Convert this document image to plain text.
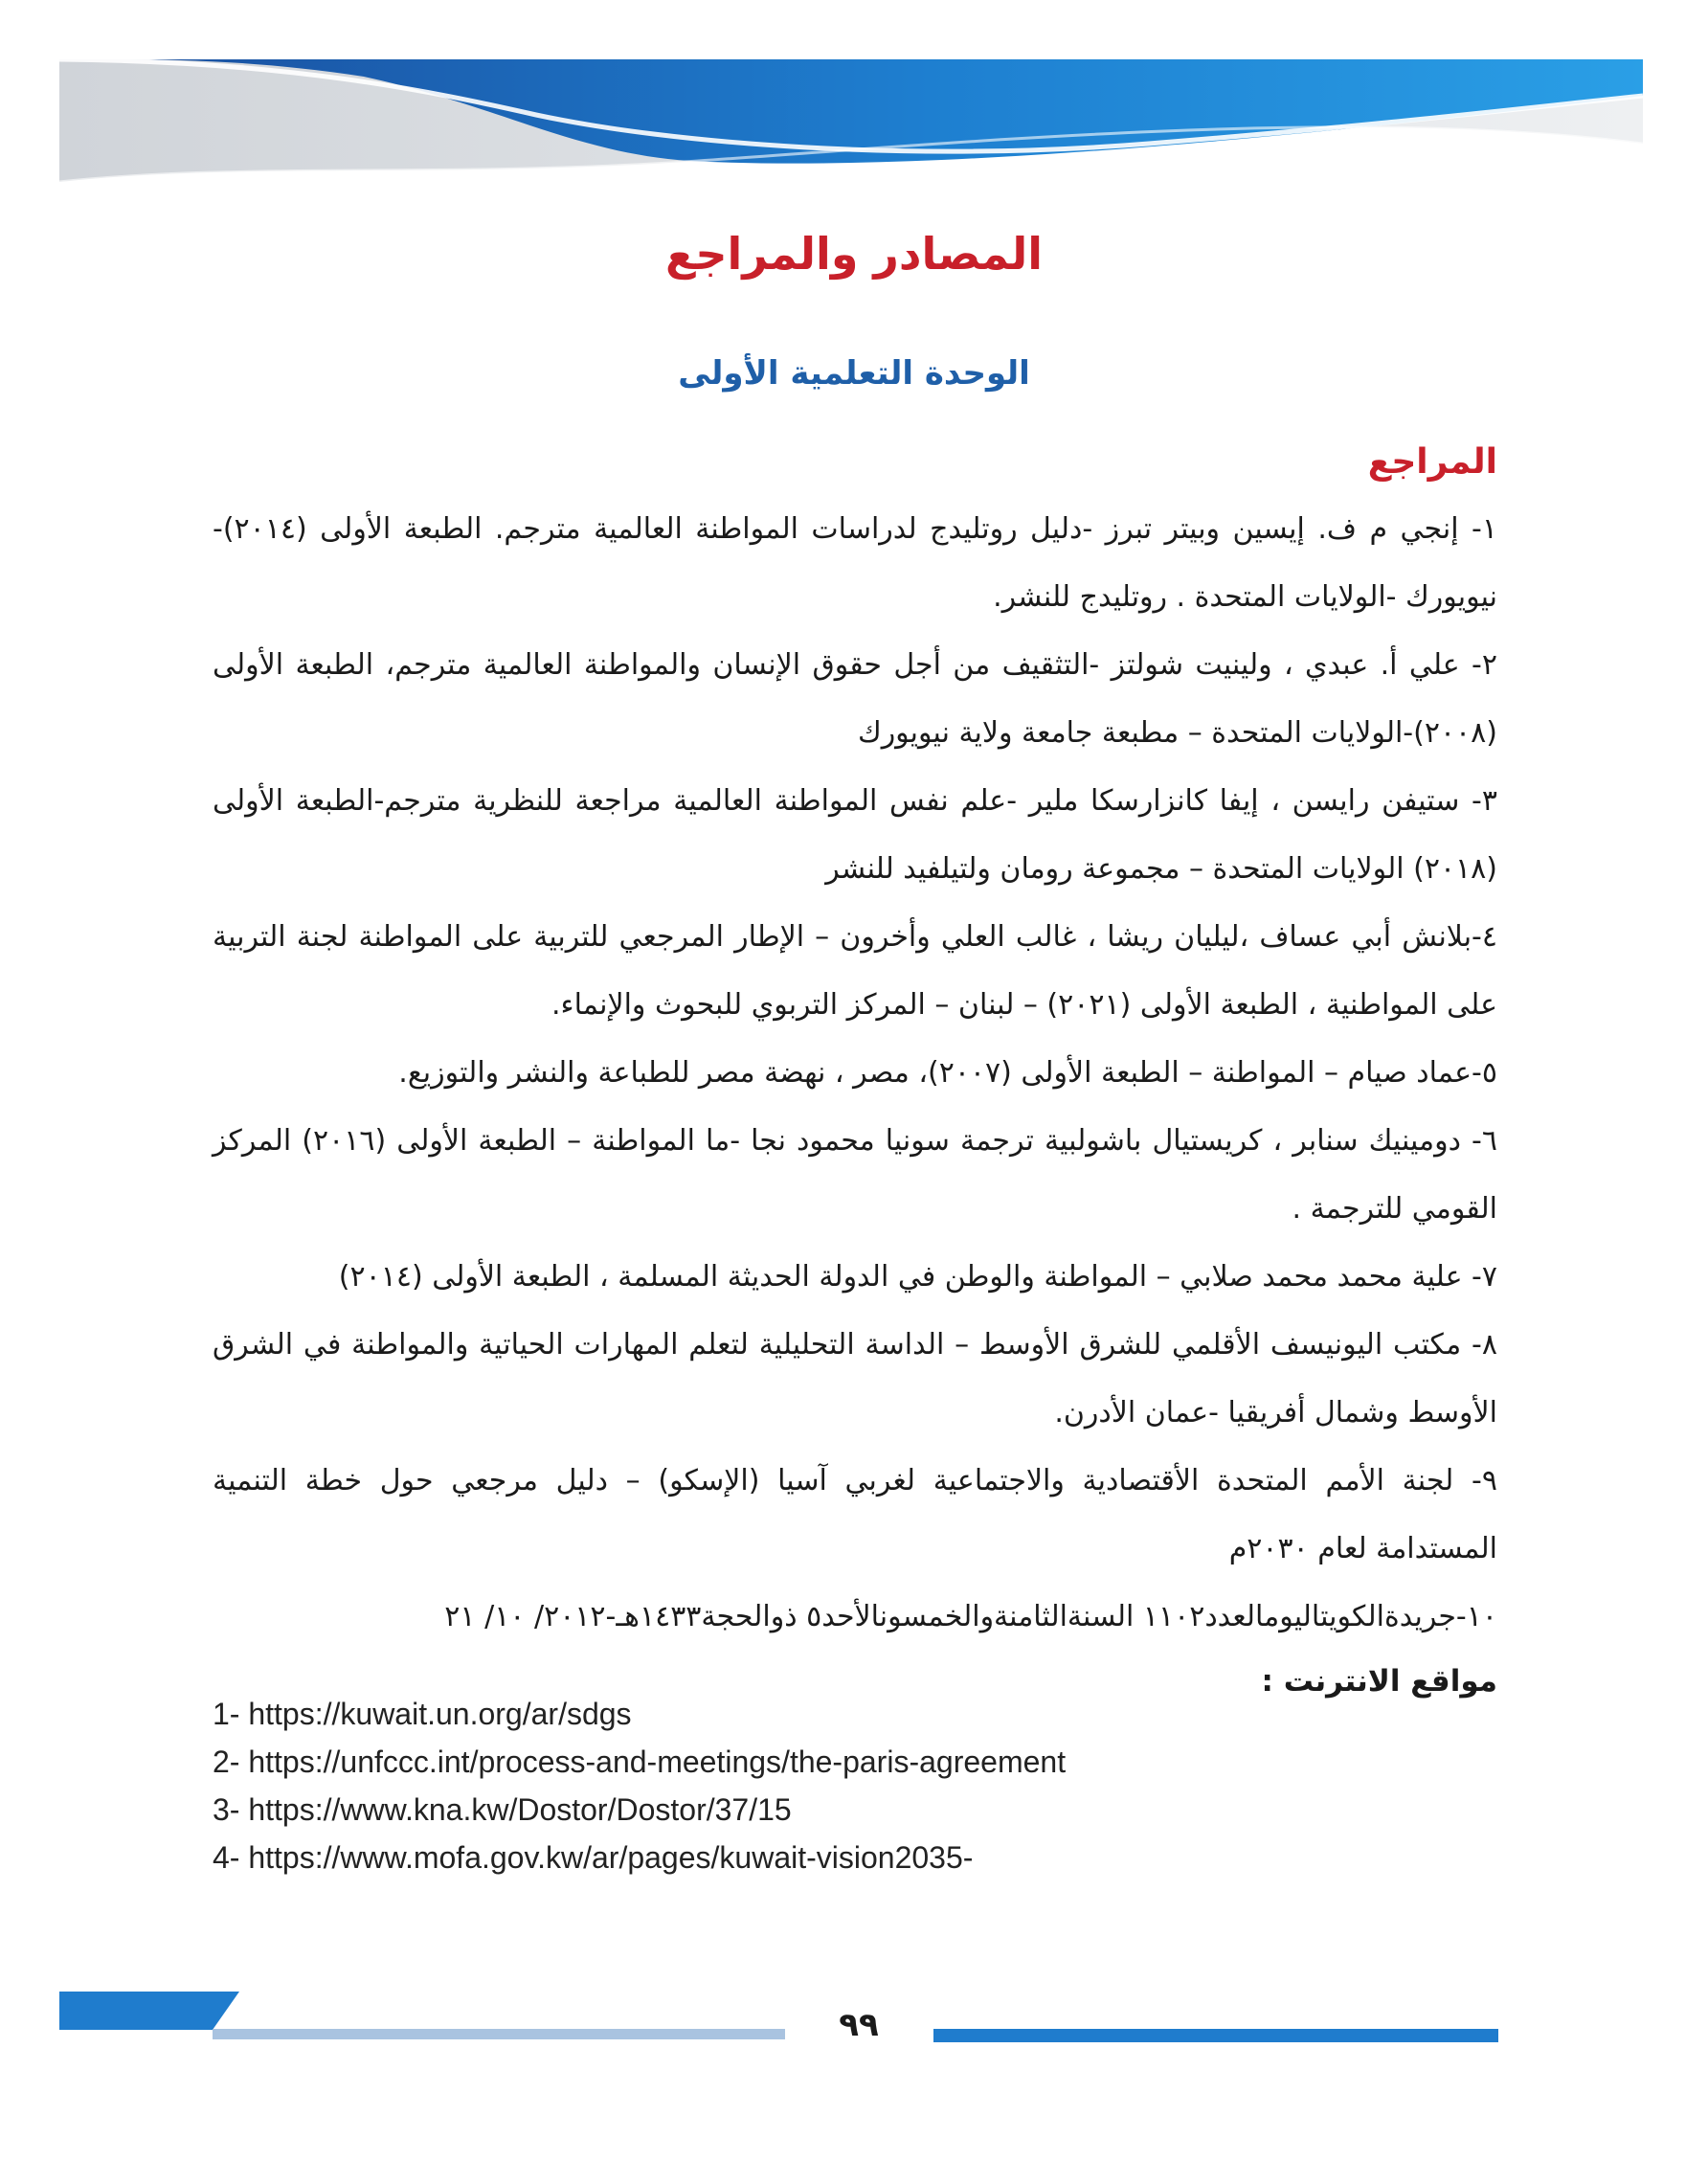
المصادر والمراجع
الوحدة التعلمية الأولى
المراجع
١- إنجي م ف. إيسين وبيتر تبرز -دليل روتليدج لدراسات المواطنة العالمية مترجم. الطبعة الأولى (٢٠١٤)- نيويورك -الولايات المتحدة . روتليدج للنشر.
٢- علي أ. عبدي ، ولينيت شولتز -التثقيف من أجل حقوق الإنسان والمواطنة العالمية مترجم، الطبعة الأولى (٢٠٠٨)-الولايات المتحدة – مطبعة جامعة ولاية نيويورك
٣- ستيفن رايسن ، إيفا كانزارسكا ملير -علم نفس المواطنة العالمية مراجعة للنظرية مترجم-الطبعة الأولى (٢٠١٨) الولايات المتحدة – مجموعة رومان ولتيلفيد للنشر
٤-بلانش أبي عساف ،ليليان ريشا ، غالب العلي وأخرون – الإطار المرجعي للتربية على المواطنة لجنة التربية على المواطنية ، الطبعة الأولى (٢٠٢١) – لبنان – المركز التربوي للبحوث والإنماء.
٥-عماد صيام – المواطنة – الطبعة الأولى (٢٠٠٧)، مصر ، نهضة مصر للطباعة والنشر والتوزيع.
٦- دومينيك سنابر ، كريستيال باشولبية ترجمة سونيا محمود نجا -ما المواطنة – الطبعة الأولى (٢٠١٦) المركز القومي للترجمة .
٧- علية محمد محمد صلابي – المواطنة والوطن في الدولة الحديثة المسلمة ، الطبعة الأولى (٢٠١٤)
٨- مكتب اليونيسف الأقلمي للشرق الأوسط – الداسة التحليلية لتعلم المهارات الحياتية والمواطنة في الشرق الأوسط وشمال أفريقيا -عمان الأدرن.
٩- لجنة الأمم المتحدة الأقتصادية والاجتماعية لغربي آسيا (الإسكو) – دليل مرجعي حول خطة التنمية المستدامة لعام ٢٠٣٠م
١٠-جريدةالكويتاليومالعدد١١٠٢ السنةالثامنةوالخمسونالأحد٥ ذوالحجة١٤٣٣هـ-٢٠١٢/ ١٠/ ٢١
مواقع الانترنت :
1- https://kuwait.un.org/ar/sdgs
2- https://unfccc.int/process-and-meetings/the-paris-agreement
3- https://www.kna.kw/Dostor/Dostor/37/15
4- https://www.mofa.gov.kw/ar/pages/kuwait-vision2035-
٩٩
